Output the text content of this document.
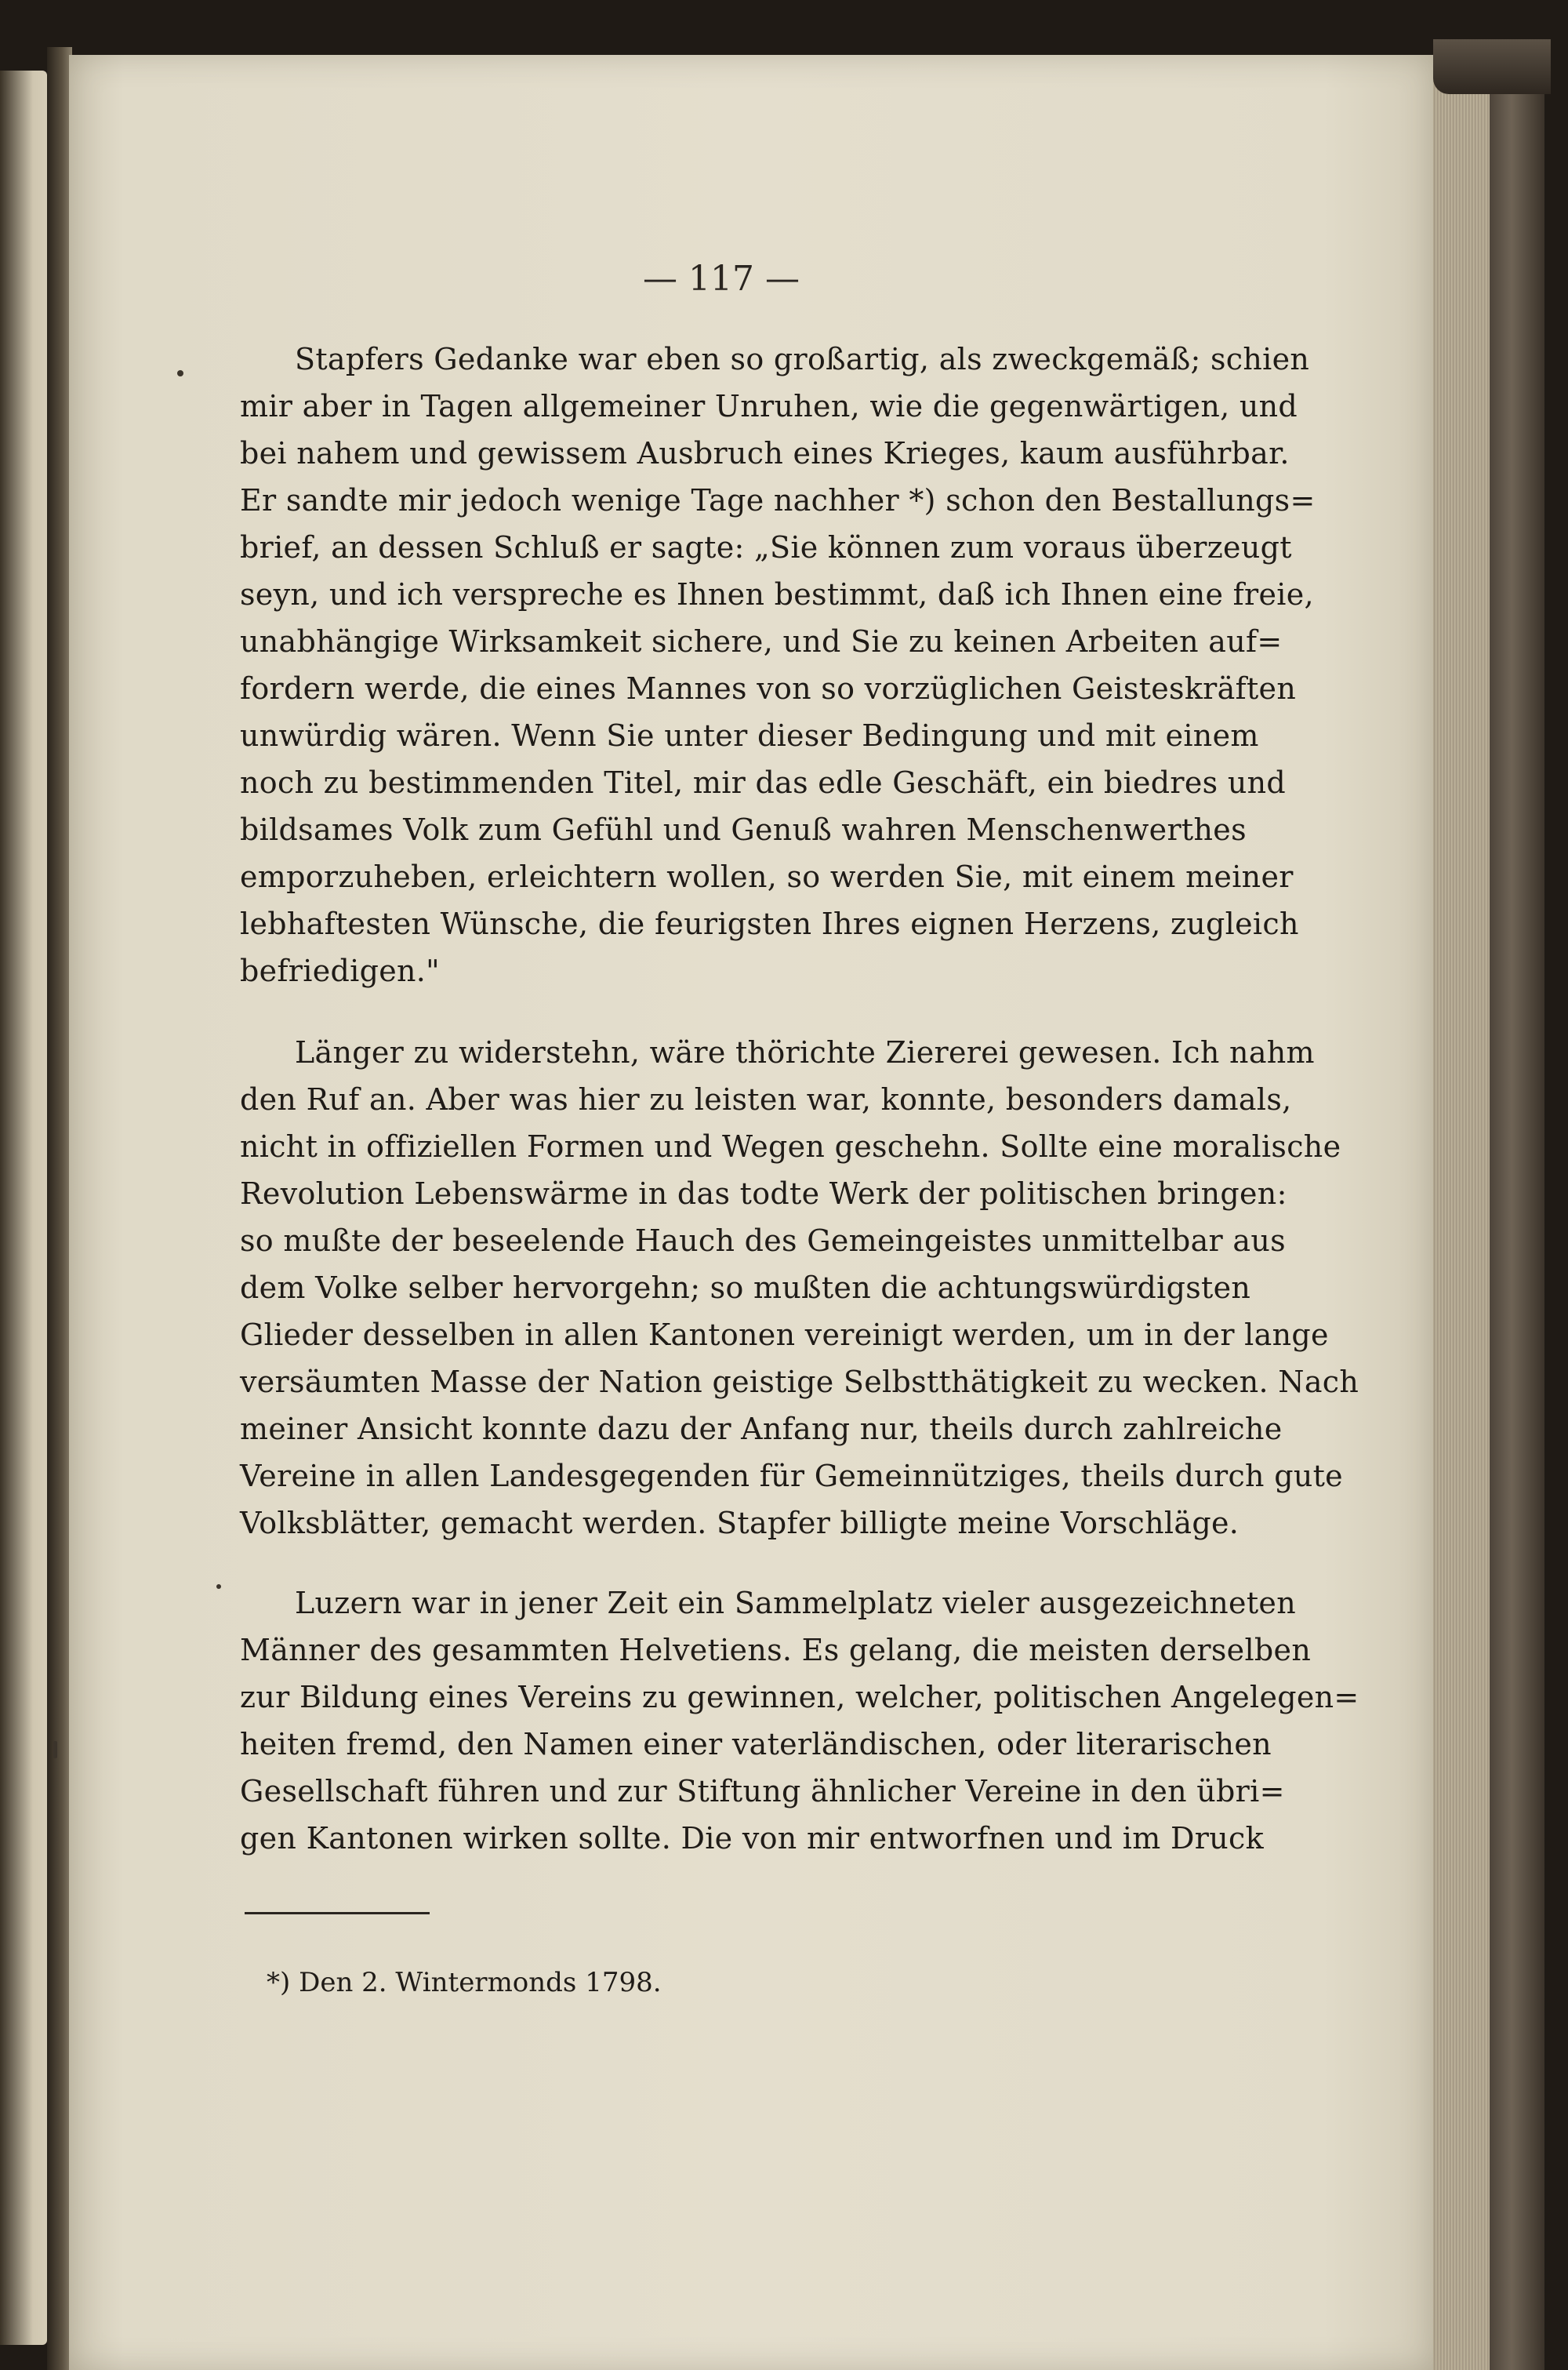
— 117 —
Stapfers Gedanke war eben so großartig, als zweckgemäß; schien
mir aber in Tagen allgemeiner Unruhen, wie die gegenwärtigen, und
bei nahem und gewissem Ausbruch eines Krieges, kaum ausführbar.
Er sandte mir jedoch wenige Tage nachher *) schon den Bestallungs=
brief, an dessen Schluß er sagte: „Sie können zum voraus überzeugt
seyn, und ich verspreche es Ihnen bestimmt, daß ich Ihnen eine freie,
unabhängige Wirksamkeit sichere, und Sie zu keinen Arbeiten auf=
fordern werde, die eines Mannes von so vorzüglichen Geisteskräften
unwürdig wären. Wenn Sie unter dieser Bedingung und mit einem
noch zu bestimmenden Titel, mir das edle Geschäft, ein biedres und
bildsames Volk zum Gefühl und Genuß wahren Menschenwerthes
emporzuheben, erleichtern wollen, so werden Sie, mit einem meiner
lebhaftesten Wünsche, die feurigsten Ihres eignen Herzens, zugleich
befriedigen."
Länger zu widerstehn, wäre thörichte Ziererei gewesen. Ich nahm
den Ruf an. Aber was hier zu leisten war, konnte, besonders damals,
nicht in offiziellen Formen und Wegen geschehn. Sollte eine moralische
Revolution Lebenswärme in das todte Werk der politischen bringen:
so mußte der beseelende Hauch des Gemeingeistes unmittelbar aus
dem Volke selber hervorgehn; so mußten die achtungswürdigsten
Glieder desselben in allen Kantonen vereinigt werden, um in der lange
versäumten Masse der Nation geistige Selbstthätigkeit zu wecken. Nach
meiner Ansicht konnte dazu der Anfang nur, theils durch zahlreiche
Vereine in allen Landesgegenden für Gemeinnütziges, theils durch gute
Volksblätter, gemacht werden. Stapfer billigte meine Vorschläge.
Luzern war in jener Zeit ein Sammelplatz vieler ausgezeichneten
Männer des gesammten Helvetiens. Es gelang, die meisten derselben
zur Bildung eines Vereins zu gewinnen, welcher, politischen Angelegen=
heiten fremd, den Namen einer vaterländischen, oder literarischen
Gesellschaft führen und zur Stiftung ähnlicher Vereine in den übri=
gen Kantonen wirken sollte. Die von mir entworfnen und im Druck
*) Den 2. Wintermonds 1798.
